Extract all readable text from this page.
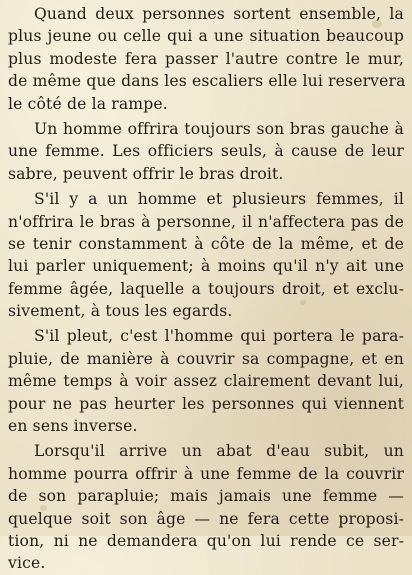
Quand deux personnes sortent ensemble, la
plus jeune ou celle qui a une situation beaucoup
plus modeste fera passer l'autre contre le mur,
de même que dans les escaliers elle lui reservera
le côté de la rampe.
Un homme offrira toujours son bras gauche à
une femme. Les officiers seuls, à cause de leur
sabre, peuvent offrir le bras droit.
S'il y a un homme et plusieurs femmes, il
n'offrira le bras à personne, il n'affectera pas de
se tenir constamment à côte de la même, et de
lui parler uniquement; à moins qu'il n'y ait une
femme âgée, laquelle a toujours droit, et exclu-
sivement, à tous les egards.
S'il pleut, c'est l'homme qui portera le para-
pluie, de manière à couvrir sa compagne, et en
même temps à voir assez clairement devant lui,
pour ne pas heurter les personnes qui viennent
en sens inverse.
Lorsqu'il arrive un abat d'eau subit, un
homme pourra offrir à une femme de la couvrir
de son parapluie; mais jamais une femme —
quelque soit son âge — ne fera cette proposi-
tion, ni ne demandera qu'on lui rende ce ser-
vice.
